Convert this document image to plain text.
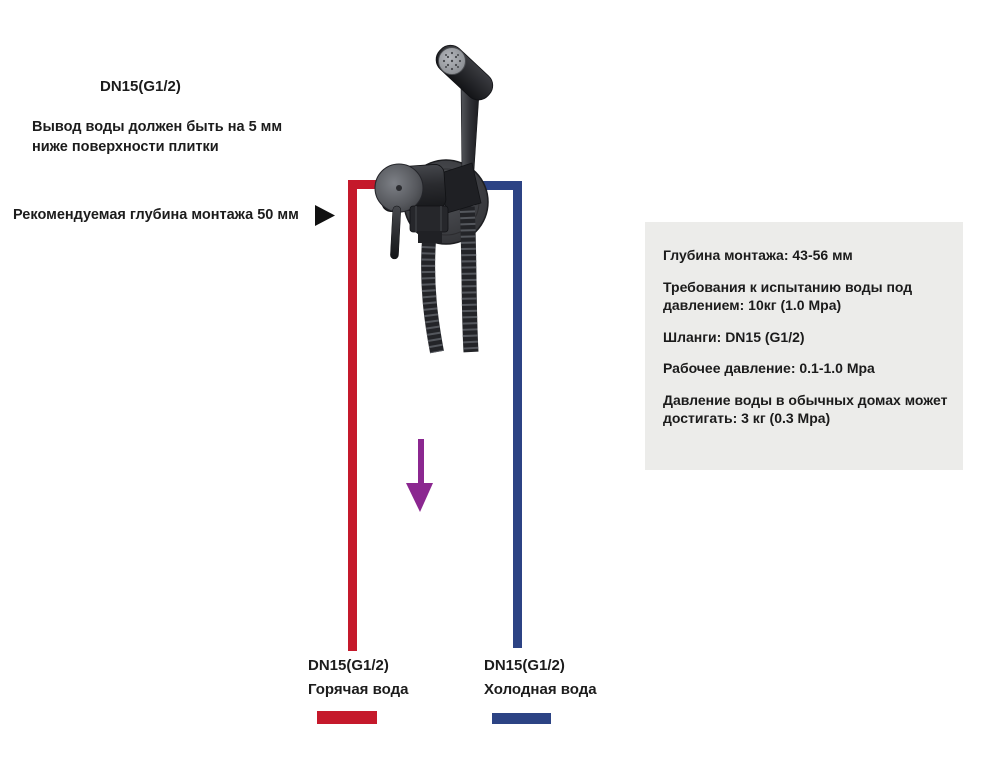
DN15(G1/2)
Вывод воды должен быть на 5 мм
ниже поверхности плитки
Рекомендуемая глубина монтажа 50 мм

Глубина монтажа: 43-56 мм

Требования к испытанию воды под давлением: 10кг (1.0 Mpa)

Шланги: DN15 (G1/2)

Рабочее давление: 0.1-1.0 Mpa

Давление воды в обычных домах может достигать: 3 кг (0.3 Mpa)

DN15(G1/2)
Горячая вода
DN15(G1/2)
Холодная вода
